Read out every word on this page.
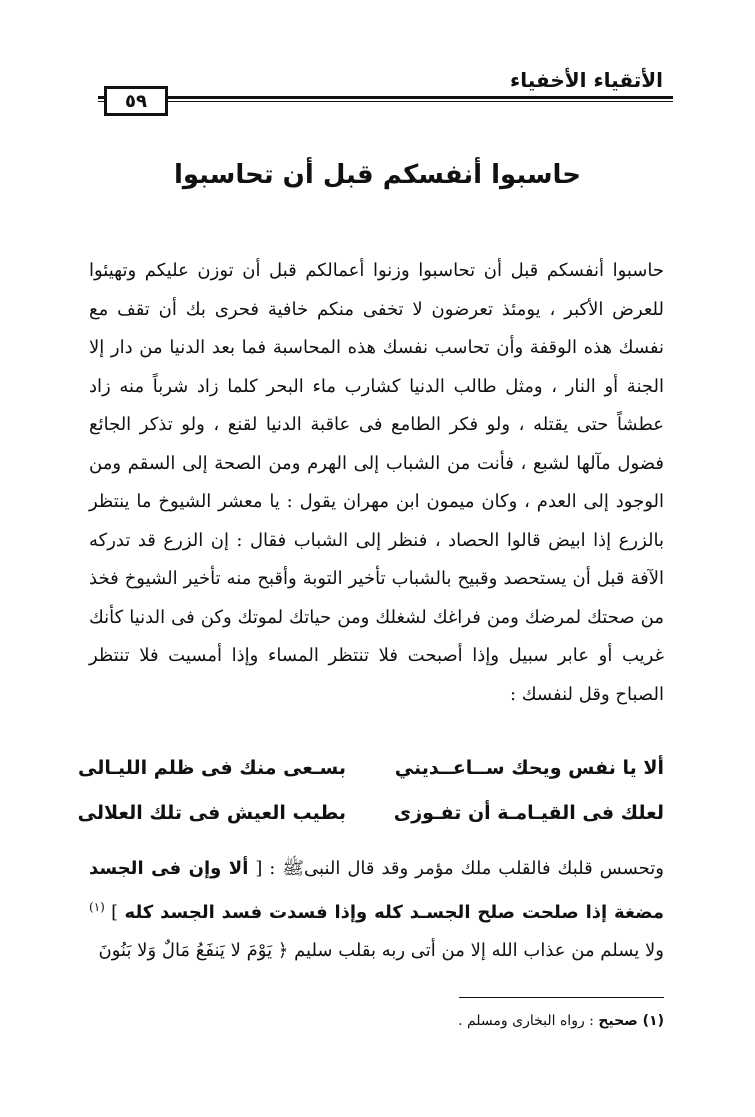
الأتقياء الأخفياء
٥٩
حاسبوا أنفسكم قبل أن تحاسبوا

حاسبوا أنفسكم قبل أن تحاسبوا وزنوا أعمالكم قبل أن توزن عليكم وتهيئوا للعرض الأكبر ، يومئذ تعرضون لا تخفى منكم خافية فحرى بك أن تقف مع نفسك هذه الوقفة وأن تحاسب نفسك هذه المحاسبة فما بعد الدنيا من دار إلا الجنة أو النار ، ومثل طالب الدنيا كشارب ماء البحر كلما زاد شرباً منه زاد عطشاً حتى يقتله ، ولو فكر الطامع فى عاقبة الدنيا لقنع ، ولو تذكر الجائع فضول مآلها لشبع ، فأنت من الشباب إلى الهرم ومن الصحة إلى السقم ومن الوجود إلى العدم ، وكان ميمون ابن مهران يقول : يا معشر الشيوخ ما ينتظر بالزرع إذا ابيض قالوا الحصاد ، فنظر إلى الشباب فقال : إن الزرع قد تدركه الآفة قبل أن يستحصد وقبيح بالشباب تأخير التوبة وأقبح منه تأخير الشيوخ فخذ من صحتك لمرضك ومن فراغك لشغلك ومن حياتك لموتك وكن فى الدنيا كأنك غريب أو عابر سبيل وإذا أصبحت فلا تنتظر المساء وإذا أمسيت فلا تنتظر الصباح وقل لنفسك :

ألا يا نفس ويحك ســاعــديني
بسـعى منك فى ظلم الليـالى
لعلك فى القيـامـة أن تفـوزى
بطيب العيش فى تلك العلالى

وتحسس قلبك فالقلب ملك مؤمر وقد قال النبىﷺ : [ ألا وإن فى الجسد مضغة إذا صلحت صلح الجسـد كله وإذا فسدت فسد الجسد كله ] $^{(١)}$ ولا يسلم من عذاب الله إلا من أتى ربه بقلب سليم ﴿ يَوْمَ لا يَنفَعُ مَالٌ وَلا بَنُونَ

(١) صحيح : رواه البخارى ومسلم .
